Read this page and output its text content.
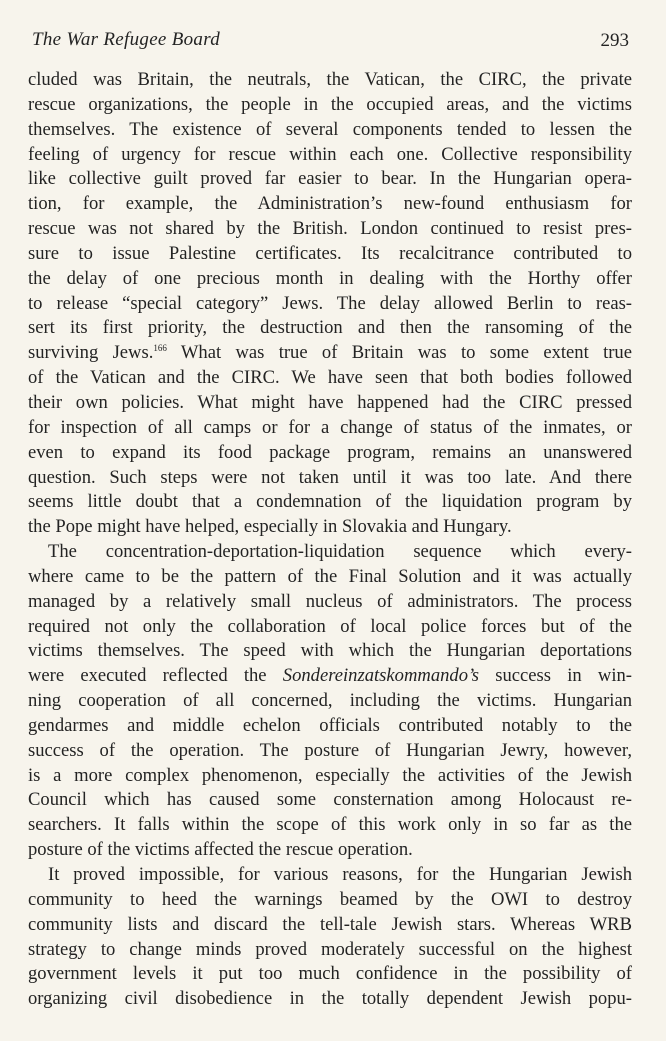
The War Refugee Board	293
cluded was Britain, the neutrals, the Vatican, the CIRC, the private
rescue organizations, the people in the occupied areas, and the victims
themselves. The existence of several components tended to lessen the
feeling of urgency for rescue within each one. Collective responsibility
like collective guilt proved far easier to bear. In the Hungarian opera-
tion, for example, the Administration’s new-found enthusiasm for
rescue was not shared by the British. London continued to resist pres-
sure to issue Palestine certificates. Its recalcitrance contributed to
the delay of one precious month in dealing with the Horthy offer
to release “special category” Jews. The delay allowed Berlin to reas-
sert its first priority, the destruction and then the ransoming of the
surviving Jews.$^{166}$ What was true of Britain was to some extent true
of the Vatican and the CIRC. We have seen that both bodies followed
their own policies. What might have happened had the CIRC pressed
for inspection of all camps or for a change of status of the inmates, or
even to expand its food package program, remains an unanswered
question. Such steps were not taken until it was too late. And there
seems little doubt that a condemnation of the liquidation program by
the Pope might have helped, especially in Slovakia and Hungary.
The concentration-deportation-liquidation sequence which every-
where came to be the pattern of the Final Solution and it was actually
managed by a relatively small nucleus of administrators. The process
required not only the collaboration of local police forces but of the
victims themselves. The speed with which the Hungarian deportations
were executed reflected the Sondereinzatskommando’s success in win-
ning cooperation of all concerned, including the victims. Hungarian
gendarmes and middle echelon officials contributed notably to the
success of the operation. The posture of Hungarian Jewry, however,
is a more complex phenomenon, especially the activities of the Jewish
Council which has caused some consternation among Holocaust re-
searchers. It falls within the scope of this work only in so far as the
posture of the victims affected the rescue operation.
It proved impossible, for various reasons, for the Hungarian Jewish
community to heed the warnings beamed by the OWI to destroy
community lists and discard the tell-tale Jewish stars. Whereas WRB
strategy to change minds proved moderately successful on the highest
government levels it put too much confidence in the possibility of
organizing civil disobedience in the totally dependent Jewish popu-
